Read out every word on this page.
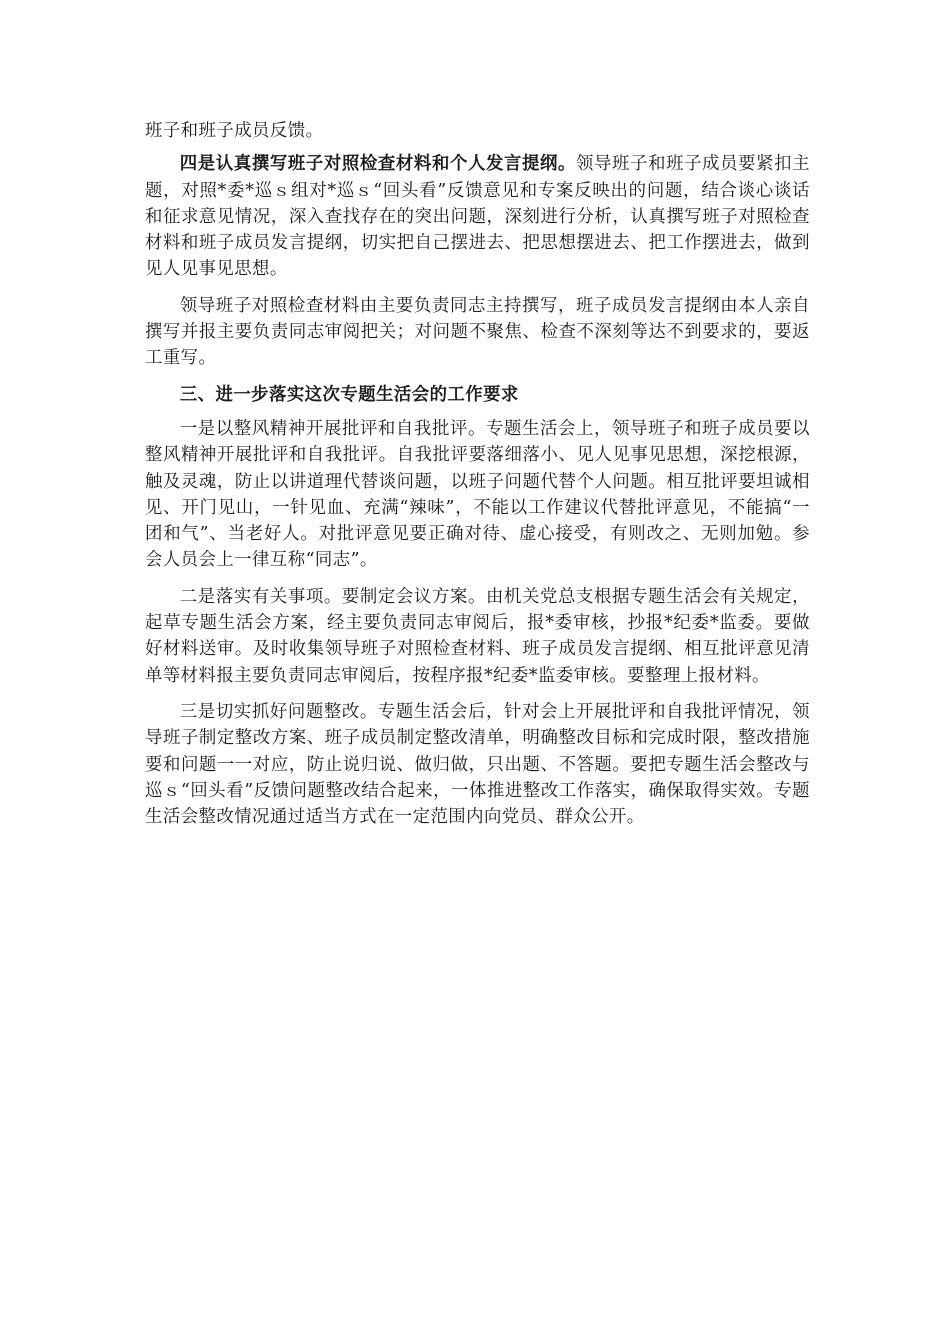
班子和班子成员反馈。

四是认真撰写班子对照检查材料和个人发言提纲。领导班子和班子成员要紧扣主题，对照*委*巡ｓ组对*巡ｓ“回头看”反馈意见和专案反映出的问题，结合谈心谈话和征求意见情况，深入查找存在的突出问题，深刻进行分析，认真撰写班子对照检查材料和班子成员发言提纲，切实把自己摆进去、把思想摆进去、把工作摆进去，做到见人见事见思想。

领导班子对照检查材料由主要负责同志主持撰写，班子成员发言提纲由本人亲自撰写并报主要负责同志审阅把关；对问题不聚焦、检查不深刻等达不到要求的，要返工重写。

三、进一步落实这次专题生活会的工作要求

一是以整风精神开展批评和自我批评。专题生活会上，领导班子和班子成员要以整风精神开展批评和自我批评。自我批评要落细落小、见人见事见思想，深挖根源，触及灵魂，防止以讲道理代替谈问题，以班子问题代替个人问题。相互批评要坦诚相见、开门见山，一针见血、充满“辣味”，不能以工作建议代替批评意见，不能搞“一团和气”、当老好人。对批评意见要正确对待、虚心接受，有则改之、无则加勉。参会人员会上一律互称“同志”。

二是落实有关事项。要制定会议方案。由机关党总支根据专题生活会有关规定，起草专题生活会方案，经主要负责同志审阅后，报*委审核，抄报*纪委*监委。要做好材料送审。及时收集领导班子对照检查材料、班子成员发言提纲、相互批评意见清单等材料报主要负责同志审阅后，按程序报*纪委*监委审核。要整理上报材料。

三是切实抓好问题整改。专题生活会后，针对会上开展批评和自我批评情况，领导班子制定整改方案、班子成员制定整改清单，明确整改目标和完成时限，整改措施要和问题一一对应，防止说归说、做归做，只出题、不答题。要把专题生活会整改与巡ｓ“回头看”反馈问题整改结合起来，一体推进整改工作落实，确保取得实效。专题生活会整改情况通过适当方式在一定范围内向党员、群众公开。
